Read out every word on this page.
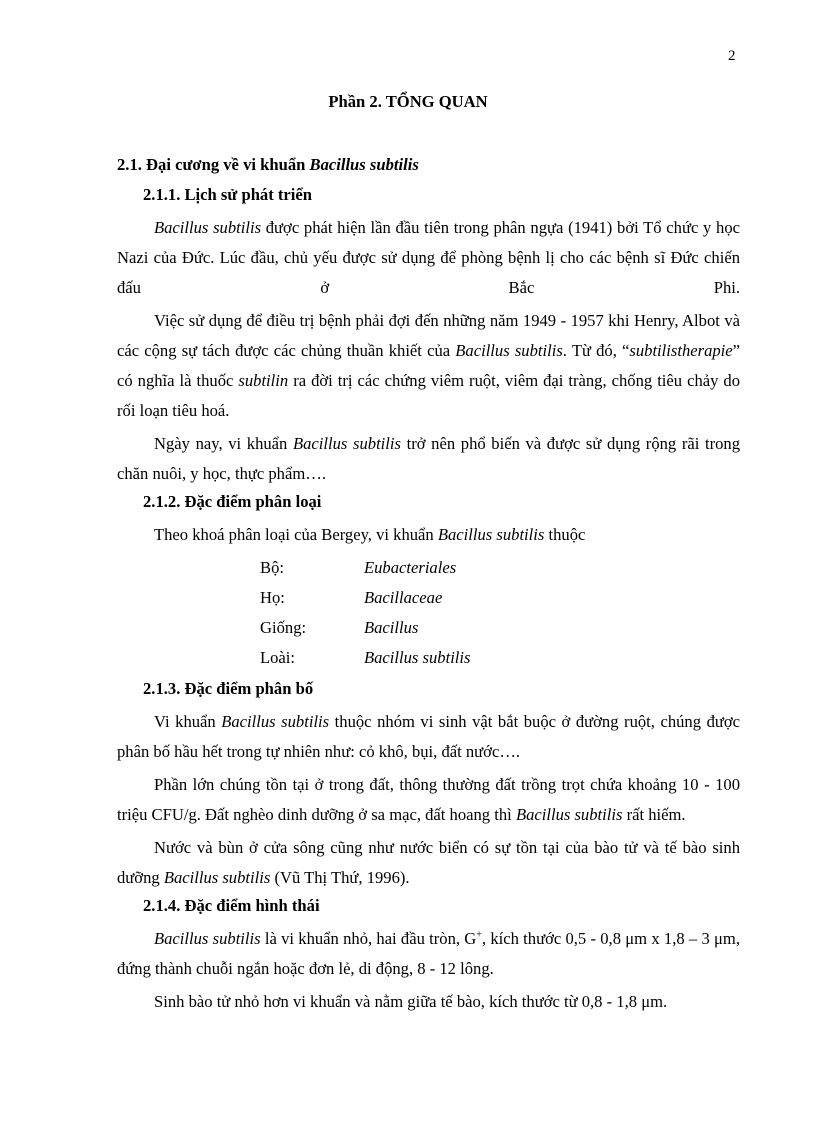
2
Phần 2. TỔNG QUAN
2.1. Đại cương về vi khuẩn Bacillus subtilis
2.1.1. Lịch sử phát triển

Bacillus subtilis được phát hiện lần đầu tiên trong phân ngựa (1941) bởi Tổ chức y học Nazi của Đức. Lúc đầu, chủ yếu được sử dụng để phòng bệnh lị cho các bệnh sĩ Đức chiến đấu ở Bắc Phi.

Việc sử dụng để điều trị bệnh phải đợi đến những năm 1949 - 1957 khi Henry, Albot và các cộng sự tách được các chủng thuần khiết của Bacillus subtilis. Từ đó, “subtilistherapie” có nghĩa là thuốc subtilin ra đời trị các chứng viêm ruột, viêm đại tràng, chống tiêu chảy do rối loạn tiêu hoá.

Ngày nay, vi khuẩn Bacillus subtilis trở nên phổ biến và được sử dụng rộng rãi trong chăn nuôi, y học, thực phẩm….

2.1.2. Đặc điểm phân loại

Theo khoá phân loại của Bergey, vi khuẩn Bacillus subtilis thuộc

Bộ:	Eubacteriales
Họ:	Bacillaceae
Giống:	Bacillus
Loài:	Bacillus subtilis
2.1.3. Đặc điểm phân bố

Vi khuẩn Bacillus subtilis thuộc nhóm vi sinh vật bắt buộc ở đường ruột, chúng được phân bố hầu hết trong tự nhiên như: cỏ khô, bụi, đất nước….

Phần lớn chúng tồn tại ở trong đất, thông thường đất trồng trọt chứa khoảng 10 - 100 triệu CFU/g. Đất nghèo dinh dưỡng ở sa mạc, đất hoang thì Bacillus subtilis rất hiếm.

Nước và bùn ở cửa sông cũng như nước biển có sự tồn tại của bào tử và tế bào sinh dưỡng Bacillus subtilis (Vũ Thị Thứ, 1996).

2.1.4. Đặc điểm hình thái

Bacillus subtilis là vi khuẩn nhỏ, hai đầu tròn, G+, kích thước 0,5 - 0,8 μm x 1,8 – 3 μm, đứng thành chuỗi ngắn hoặc đơn lẻ, di động, 8 - 12 lông.

Sinh bào tử nhỏ hơn vi khuẩn và nằm giữa tế bào, kích thước từ 0,8 - 1,8 μm.
